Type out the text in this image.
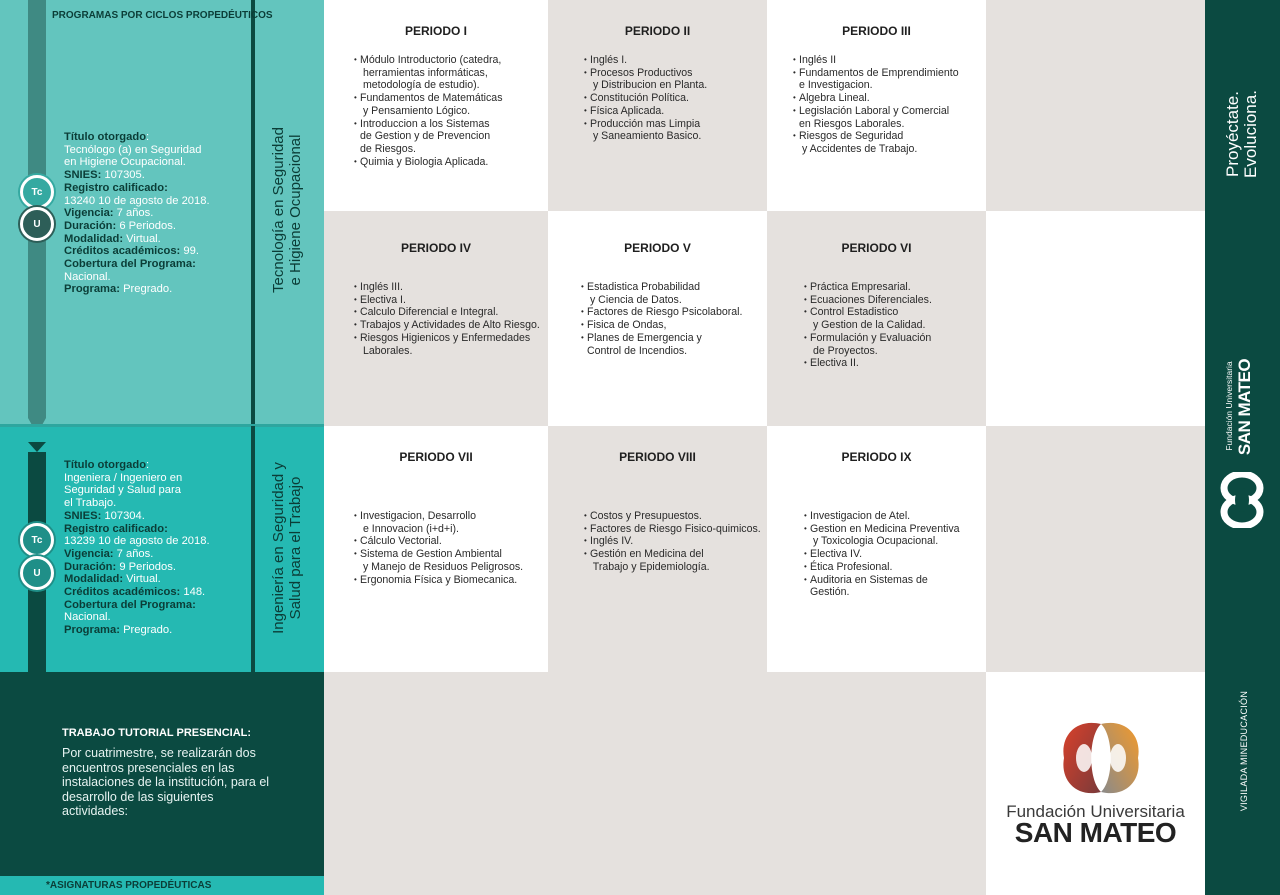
PROGRAMAS POR CICLOS PROPEDÉUTICOS
Título otorgado:

Tecnólogo (a) en Seguridad en Higiene Ocupacional.
SNIES: 107305.
Registro calificado:
13240 10 de agosto de 2018.
Vigencia: 7 años.
Duración: 6 Periodos.
Modalidad: Virtual.
Créditos académicos: 99.
Cobertura del Programa:
Nacional.
Programa: Pregrado.
Tc
U	Tecnología en Seguridad
e Higiene Ocupacional
Título otorgado:

Ingeniera / Ingeniero en Seguridad y Salud para el Trabajo.
SNIES: 107304.
Registro calificado:
13239 10 de agosto de 2018.
Vigencia: 7 años.
Duración: 9 Periodos.
Modalidad: Virtual.
Créditos académicos: 148.
Cobertura del Programa:
Nacional.
Programa: Pregrado.
Tc
U	Ingeniería en Seguridad y
Salud para el Trabajo
TRABAJO TUTORIAL PRESENCIAL:
Por cuatrimestre, se realizarán dos encuentros presenciales en las instalaciones de la institución, para el desarrollo de las siguientes actividades:
*ASIGNATURAS PROPEDÉUTICAS
PERIODO I
• Módulo Introductorio (catedra,
herramientas informáticas,
metodología de estudio).
• Fundamentos de Matemáticas
y Pensamiento Lógico.
• Introduccion a los Sistemas
de Gestion y de Prevencion
de Riesgos.
• Quimia y Biologia Aplicada.
PERIODO II
• Inglés I.
• Procesos Productivos
y Distribucion en Planta.
• Constitución Política.
• Física Aplicada.
• Producción mas Limpia
y Saneamiento Basico.
PERIODO III
• Inglés II
• Fundamentos de Emprendimiento
e Investigacion.
• Algebra Lineal.
• Legislación Laboral y Comercial
en Riesgos Laborales.
• Riesgos de Seguridad
y Accidentes de Trabajo.
PERIODO IV
• Inglés III.
• Electiva I.
• Calculo Diferencial e Integral.
• Trabajos y Actividades de Alto Riesgo.
• Riesgos Higienicos y Enfermedades
Laborales.
PERIODO V
• Estadistica Probabilidad
y Ciencia de Datos.
• Factores de Riesgo Psicolaboral.
• Fisica de Ondas,
• Planes de Emergencia y
Control de Incendios.
PERIODO VI
• Práctica Empresarial.
• Ecuaciones Diferenciales.
• Control Estadistico
y Gestion de la Calidad.
• Formulación y Evaluación
de Proyectos.
• Electiva II.
PERIODO VII
• Investigacion, Desarrollo
e Innovacion (i+d+i).
• Cálculo Vectorial.
• Sistema de Gestion Ambiental
y Manejo de Residuos Peligrosos.
• Ergonomia Física y Biomecanica.
PERIODO VIII
• Costos y Presupuestos.
• Factores de Riesgo Fisico-quimicos.
• Inglés IV.
• Gestión en Medicina del
Trabajo y Epidemiología.
PERIODO IX
• Investigacion de Atel.
• Gestion en Medicina Preventiva
y Toxicologia Ocupacional.
• Electiva IV.
• Ética Profesional.
• Auditoria en Sistemas de
Gestión.
Proyéctate.
Evoluciona.
Fundación Universitaria SAN MATEO
VIGILADA MINEDUCACIÓN
Fundación Universitaria
SAN MATEO
